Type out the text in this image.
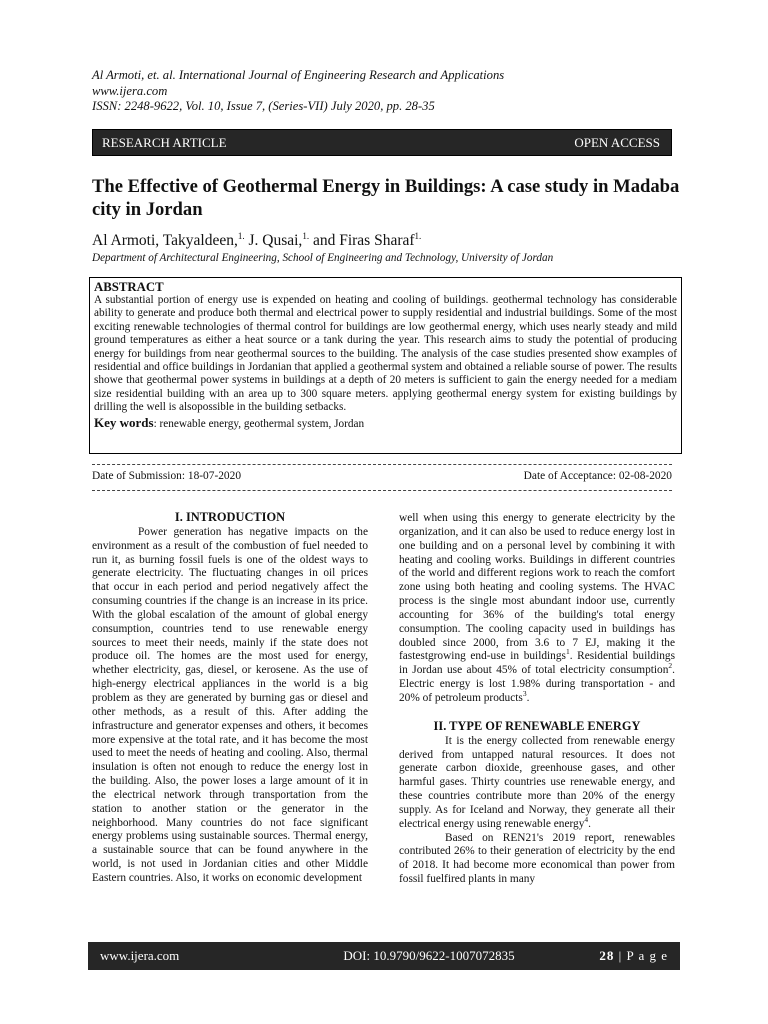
Al Armoti, et. al. International Journal of Engineering Research and Applications
www.ijera.com
ISSN: 2248-9622, Vol. 10, Issue 7, (Series-VII) July 2020, pp. 28-35
RESEARCH ARTICLE	OPEN ACCESS
The Effective of Geothermal Energy in Buildings: A case study in Madaba city in Jordan
Al Armoti, Takyaldeen,$^{1.}$ J. Qusai,$^{1.}$ and Firas Sharaf$^{1.}$
Department of Architectural Engineering, School of Engineering and Technology, University of Jordan
ABSTRACT
A substantial portion of energy use is expended on heating and cooling of buildings. geothermal technology has considerable ability to generate and produce both thermal and electrical power to supply residential and industrial buildings. Some of the most exciting renewable technologies of thermal control for buildings are low geothermal energy, which uses nearly steady and mild ground temperatures as either a heat source or a tank during the year. This research aims to study the potential of producing energy for buildings from near geothermal sources to the building. The analysis of the case studies presented show examples of residential and office buildings in Jordanian that applied a geothermal system and obtained a reliable sourse of power. The results showe that geothermal power systems in buildings at a depth of 20 meters is sufficient to gain the energy needed for a mediam size residential building with an area up to 300 square meters. applying geothermal energy system for existing buildings by drilling the well is alsopossible in the building setbacks.
Key words: renewable energy, geothermal system, Jordan
Date of Submission: 18-07-2020	Date of Acceptance: 02-08-2020
I. INTRODUCTION

Power generation has negative impacts on the environment as a result of the combustion of fuel needed to run it, as burning fossil fuels is one of the oldest ways to generate electricity. The fluctuating changes in oil prices that occur in each period and period negatively affect the consuming countries if the change is an increase in its price. With the global escalation of the amount of global energy consumption, countries tend to use renewable energy sources to meet their needs, mainly if the state does not produce oil. The homes are the most used for energy, whether electricity, gas, diesel, or kerosene. As the use of high-energy electrical appliances in the world is a big problem as they are generated by burning gas or diesel and other methods, as a result of this. After adding the infrastructure and generator expenses and others, it becomes more expensive at the total rate, and it has become the most used to meet the needs of heating and cooling. Also, thermal insulation is often not enough to reduce the energy lost in the building. Also, the power loses a large amount of it in the electrical network through transportation from the station to another station or the generator in the neighborhood. Many countries do not face significant energy problems using sustainable sources. Thermal energy, a sustainable source that can be found anywhere in the world, is not used in Jordanian cities and other Middle Eastern countries. Also, it works on economic development

well when using this energy to generate electricity by the organization, and it can also be used to reduce energy lost in one building and on a personal level by combining it with heating and cooling works. Buildings in different countries of the world and different regions work to reach the comfort zone using both heating and cooling systems. The HVAC process is the single most abundant indoor use, currently accounting for 36% of the building's total energy consumption. The cooling capacity used in buildings has doubled since 2000, from 3.6 to 7 EJ, making it the fastestgrowing end-use in buildings$^1$. Residential buildings in Jordan use about 45% of total electricity consumption$^2$. Electric energy is lost 1.98% during transportation - and 20% of petroleum products$^3$.

II. TYPE OF RENEWABLE ENERGY

It is the energy collected from renewable energy derived from untapped natural resources. It does not generate carbon dioxide, greenhouse gases, and other harmful gases. Thirty countries use renewable energy, and these countries contribute more than 20% of the energy supply. As for Iceland and Norway, they generate all their electrical energy using renewable energy$^4$.

Based on REN21's 2019 report, renewables contributed 26% to their generation of electricity by the end of 2018. It had become more economical than power from fossil fuelfired plants in many

www.ijera.com	DOI: 10.9790/9622-1007072835	28 | P a g e
